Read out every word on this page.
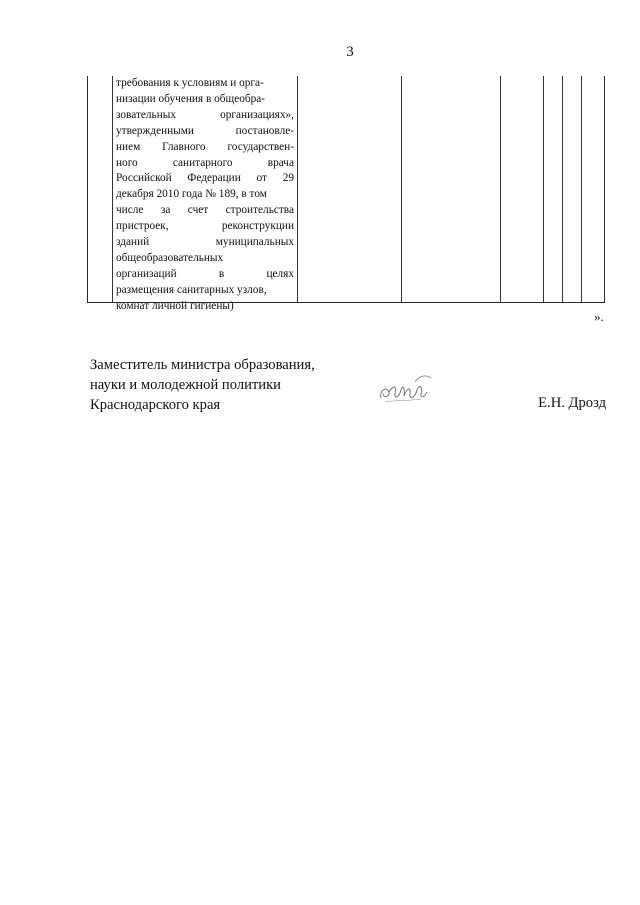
3
требования к условиям и орга-
низации обучения в общеобра-
зовательных	организациях»,
утвержденными	постановле-
нием Главного государствен-
ного	санитарного	врача
Российской Федерации от 29
декабря 2010 года № 189, в том
числе за счет строительства
пристроек,	реконструкции
зданий	муниципальных
общеобразовательных
организаций	в	целях
размещения санитарных узлов,
комнат личной гигиены)
».
Заместитель министра образования,
науки и молодежной политики
Краснодарского края	Е.Н. Дрозд
